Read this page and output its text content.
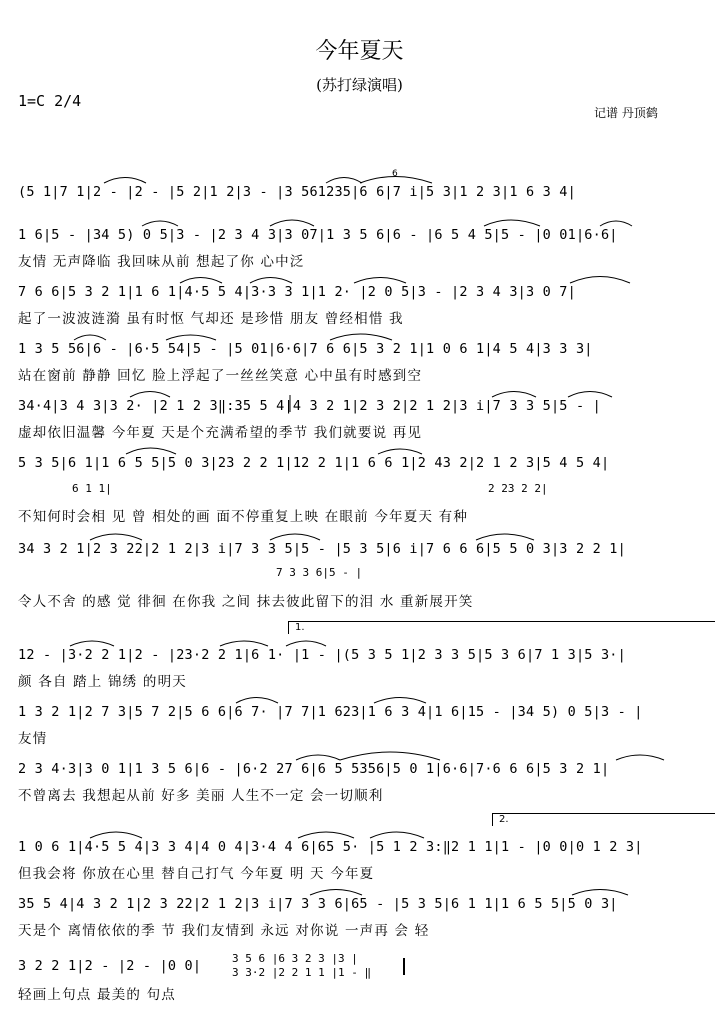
今年夏天
(苏打绿演唱)
1=C 2/4
记谱 丹顶鹤
(5 1|7 1|2 - |2 - |5 2|1 2|3 - |3 561235|6 6|7 i|5 3|1 2 3|1 6 3 4|
1 6|5 - |34 5) 0 5|3 - |2 3 4 3|3 07|1 3 5 6|6 - |6 5 4 5|5 - |0 01|6·6|
友情 无声降临 我回味从前 想起了你 心中泛
7 6 6|5 3 2 1|1 6 1|4·5 5 4|3·3 3 1|1 2· |2 0 5|3 - |2 3 4 3|3 0 7|
起了一波波涟漪 虽有时怄 气却还 是珍惜 朋友 曾经相惜 我
1 3 5 56|6 - |6·5 54|5 - |5 01|6·6|7 6 6|5 3 2 1|1 0 6 1|4 5 4|3 3 3|
站在窗前 静静 回忆 脸上浮起了一丝丝笑意 心中虽有时感到空
34·4|3 4 3|3 2· |2 1 2 3‖:35 5 4|4 3 2 1|2 3 2|2 1 2|3 i|7 3 3 5|5 - |
虚却依旧温馨 今年夏 天是个充满希望的季节 我们就要说 再见
5 3 5|6 1|1 6 5 5|5 0 3|23 2 2 1|12 2 1|1 6 6 1|2 43 2|2 1 2 3|5 4 5 4|
6 1 1|	2 23 2 2|
不知何时会相 见 曾 相处的画 面不停重复上映 在眼前 今年夏天 有种
34 3 2 1|2 3 22|2 1 2|3 i|7 3 3 5|5 - |5 3 5|6 i|7 6 6 6|5 5 0 3|3 2 2 1|
7 3 3 6|5 - |
令人不舍 的感 觉 徘徊 在你我 之间 抹去彼此留下的泪 水 重新展开笑
1.
12 - |3·2 2 1|2 - |23·2 2 1|6 1· |1 - |(5 3 5 1|2 3 3 5|5 3 6|7 1 3|5 3·|
颜 各自 踏上 锦绣 的明天
1 3 2 1|2 7 3|5 7 2|5 6 6|6 7· |7 7|1 623|1 6 3 4|1 6|15 - |34 5) 0 5|3 - |
友情
2 3 4·3|3 0 1|1 3 5 6|6 - |6·2 27 6|6 5 5356|5 0 1|6·6|7·6 6 6|5 3 2 1|
不曾离去 我想起从前 好多 美丽 人生不一定 会一切顺利
2.
1 0 6 1|4·5 5 4|3 3 4|4 0 4|3·4 4 6|65 5· |5 1 2 3:‖2 1 1|1 - |0 0|0 1 2 3|
但我会将 你放在心里 替自己打气 今年夏 明 天 今年夏
35 5 4|4 3 2 1|2 3 22|2 1 2|3 i|7 3 3 6|65 - |5 3 5|6 1 1|1 6 5 5|5 0 3|
天是个 离情依依的季 节 我们友情到 永远 对你说 一声再 会 轻
3 2 2 1|2 - |2 - |0 0|	3 5 6 |6 3 2 3 |3 |
3 3·2 |2 2 1 1 |1 - ‖
轻画上句点 最美的 句点
6
